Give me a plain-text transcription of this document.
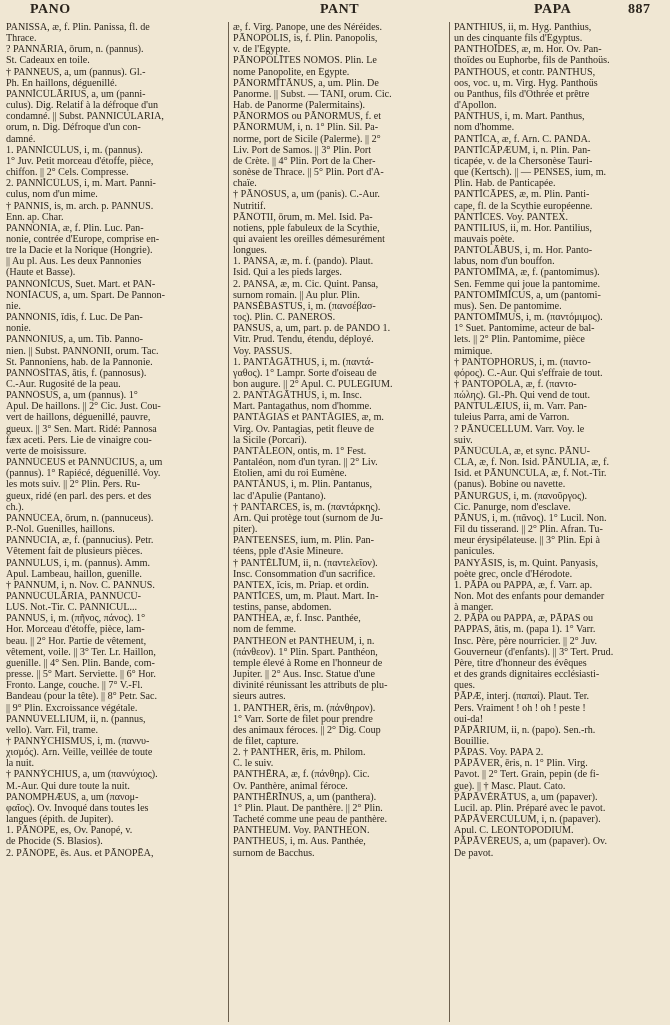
PANO	PANT	PAPA	887
PANISSA, æ, f. Plin. Panissa, fl. de
Thrace.
? PANNĀRIA, ōrum, n. (pannus).
St. Cadeaux en toile.
† PANNEUS, a, um (pannus). Gl.-
Ph. En haillons, déguenillé.
PANNĬCŪLĀRIUS, a, um (panni-
culus). Dig. Relatif à la défroque d'un
condamné. || Subst. PANNICULARIA,
orum, n. Dig. Défroque d'un con-
damné.
1. PANNĬCŪLUS, i, m. (pannus).
1° Juv. Petit morceau d'étoffe, pièce,
chiffon. || 2° Cels. Compresse.
2. PANNĬCŪLUS, i, m. Mart. Panni-
culus, nom d'un mime.
† PANNIS, is, m. arch. p. PANNUS.
Enn. ap. Char.
PANNŎNIA, æ, f. Plin. Luc. Pan-
nonie, contrée d'Europe, comprise en-
tre la Dacie et la Norique (Hongrie).
|| Au pl. Aus. Les deux Pannonies
(Haute et Basse).
PANNŎNĬCUS, Suet. Mart. et PAN-
NŎNĬACUS, a, um. Spart. De Pannon-
nie.
PANNŎNIS, ĭdis, f. Luc. De Pan-
nonie.
PANNŎNIUS, a, um. Tib. Panno-
nien. || Subst. PANNONII, orum. Tac.
St. Pannoniens, hab. de la Pannonie.
PANNŌSĬTAS, ātis, f. (pannosus).
C.-Aur. Rugosité de la peau.
PANNŌSUS, a, um (pannus). 1°
Apul. De haillons. || 2° Cic. Just. Cou-
vert de haillons, déguenillé, pauvre,
gueux. || 3° Sen. Mart. Ridé: Pannosa
fæx aceti. Pers. Lie de vinaigre cou-
verte de moisissure.
PANNŪCEUS et PANNŪCIUS, a, um
(pannus). 1° Rapiécé, déguenillé. Voy.
les mots suiv. || 2° Plin. Pers. Ru-
gueux, ridé (en parl. des pers. et des
ch.).
PANNŪCEA, ōrum, n. (pannuceus).
P.-Nol. Guenilles, haillons.
PANNŪCIA, æ, f. (pannucius). Petr.
Vêtement fait de plusieurs pièces.
PANNŬLUS, i, m. (pannus). Amm.
Apul. Lambeau, haillon, guenille.
† PANNUM, i, n. Nov. C. PANNUS.
PANNŪCŪLĀRIA, PANNŪCŪ-
LUS. Not.-Tir. C. PANNICUL...
PANNUS, i, m. (πῆνος, πάνος). 1°
Hor. Morceau d'étoffe, pièce, lam-
beau. || 2° Hor. Partie de vêtement,
vêtement, voile. || 3° Ter. Lr. Haillon,
guenille. || 4° Sen. Plin. Bande, com-
presse. || 5° Mart. Serviette. || 6° Hor.
Fronto. Lange, couche. || 7° V.-Fl.
Bandeau (pour la tête). || 8° Petr. Sac.
|| 9° Plin. Excroissance végétale.
PANNŪVELLIUM, ii, n. (pannus,
vello). Varr. Fil, trame.
† PANNŸCHISMUS, i, m. (παννυ-
χισμός). Arn. Veille, veillée de toute
la nuit.
† PANNŸCHIUS, a, um (παννύχιος).
M.-Aur. Qui dure toute la nuit.
PANOMPHÆUS, a, um (πανομ-
φαῖος). Ov. Invoqué dans toutes les
langues (épith. de Jupiter).
1. PĀNŌPE, es, Ov. Panopé, v.
de Phocide (S. Blasios).
2. PĀNŌPE, ēs. Aus. et PĀNŎPĒA,
æ, f. Virg. Panope, une des Néréides.
PĀNŎPŎLIS, is, f. Plin. Panopolis,
v. de l'Égypte.
PĀNŎPŎLĪTES NOMOS. Plin. Le
nome Panopolite, en Égypte.
PĀNORMĪTĀNUS, a, um. Plin. De
Panorme. || Subst. — TANI, orum. Cic.
Hab. de Panorme (Palermitains).
PĀNORMOS ou PĀNORMUS, f. et
PĀNORMUM, i, n. 1° Plin. Sil. Pa-
norme, port de Sicile (Palerme). || 2°
Liv. Port de Samos. || 3° Plin. Port
de Crète. || 4° Plin. Port de la Cher-
sonèse de Thrace. || 5° Plin. Port d'A-
chaïe.
† PĀNŌSUS, a, um (panis). C.-Aur.
Nutritif.
PĀNŌTII, ōrum, m. Mel. Isid. Pa-
notiens, pple fabuleux de la Scythie,
qui avaient les oreilles démesurément
longues.
1. PANSA, æ, m. f. (pando). Plaut.
Isid. Qui a les pieds larges.
2. PANSA, æ, m. Cic. Quint. Pansa,
surnom romain. || Au plur. Plin.
PANSĔBASTUS, i, m. (πανσέβασ-
τος). Plin. C. PANEROS.
PANSUS, a, um, part. p. de PANDO 1.
Vitr. Prud. Tendu, étendu, déployé.
Voy. PASSUS.
1. PANTĂGĀTHUS, i, m. (παντά-
γαθος). 1° Lampr. Sorte d'oiseau de
bon augure. || 2° Apul. C. PULEGIUM.
2. PANTĂGĀTHUS, i, m. Insc.
Mart. Pantagathus, nom d'homme.
PANTĂGIAS et PANTĂGIES, æ, m.
Virg. Ov. Pantagias, petit fleuve de
la Sicile (Porcari).
PANTĂLEON, ontis, m. 1° Fest.
Pantaléon, nom d'un tyran. || 2° Liv.
Étolien, ami du roi Eumène.
PANTĂNUS, i, m. Plin. Pantanus,
lac d'Apulie (Pantano).
† PANTARCES, is, m. (παντάρκης).
Arn. Qui protège tout (surnom de Ju-
piter).
PANTEENSES, ium, m. Plin. Pan-
téens, pple d'Asie Mineure.
† PANTĔLĪUM, ii, n. (παντελεῖον).
Insc. Consommation d'un sacrifice.
PANTEX, ĭcis, m. Priap. et ordin.
PANTĬCES, um, m. Plaut. Mart. In-
testins, panse, abdomen.
PANTHEA, æ, f. Insc. Panthée,
nom de femme.
PANTHEON et PANTHEUM, i, n.
(πάνθεον). 1° Plin. Spart. Panthéon,
temple élevé à Rome en l'honneur de
Jupiter. || 2° Aus. Insc. Statue d'une
divinité réunissant les attributs de plu-
sieurs autres.
1. PANTHER, ēris, m. (πάνθηρον).
1° Varr. Sorte de filet pour prendre
des animaux féroces. || 2° Dig. Coup
de filet, capture.
2. † PANTHER, ēris, m. Philom.
C. le suiv.
PANTHĒRA, æ, f. (πάνθηρ). Cic.
Ov. Panthère, animal féroce.
PANTHĒRĪNUS, a, um (panthera).
1° Plin. Plaut. De panthère. || 2° Plin.
Tacheté comme une peau de panthère.
PANTHEUM. Voy. PANTHEON.
PANTHEUS, i, m. Aus. Panthée,
surnom de Bacchus.
PANTHIUS, ii, m. Hyg. Panthius,
un des cinquante fils d'Égyptus.
PANTHOĪDES, æ, m. Hor. Ov. Pan-
thoïdes ou Euphorbe, fils de Panthoüs.
PANTHOUS, et contr. PANTHUS,
oos, voc. u, m. Virg. Hyg. Panthoüs
ou Panthus, fils d'Othrée et prêtre
d'Apollon.
PANTHUS, i, m. Mart. Panthus,
nom d'homme.
PANTĬCA, æ, f. Arn. C. PANDA.
PANTĬCĀPÆUM, i, n. Plin. Pan-
ticapée, v. de la Chersonèse Tauri-
que (Kertsch). || — PENSES, ium, m.
Plin. Hab. de Panticapée.
PANTĬCĀPES, æ, m. Plin. Panti-
cape, fl. de la Scythie européenne.
PANTĬCES. Voy. PANTEX.
PANTILIUS, ii, m. Hor. Pantilius,
mauvais poète.
PANTŎLĀBUS, i, m. Hor. Panto-
labus, nom d'un bouffon.
PANTŎMĪMA, æ, f. (pantomimus).
Sen. Femme qui joue la pantomime.
PANTŎMĪMĬCUS, a, um (pantomi-
mus). Sen. De pantomime.
PANTŎMĪMUS, i, m. (παντόμιμος).
1° Suet. Pantomime, acteur de bal-
lets. || 2° Plin. Pantomime, pièce
mimique.
† PANTŎPHŎRUS, i, m. (παντο-
φόρος). C.-Aur. Qui s'effraie de tout.
† PANTŎPŌLA, æ, f. (παντο-
πώλης). Gl.-Ph. Qui vend de tout.
PANTULÆIUS, ii, m. Varr. Pan-
tuleius Parra, ami de Varron.
? PĀNŪCELLUM. Varr. Voy. le
suiv.
PĀNŪCŬLA, æ, et sync. PĀNU-
CLA, æ, f. Non. Isid. PĀNŬLIA, æ, f.
Isid. et PĀNUNCŬLA, æ, f. Not.-Tir.
(panus). Bobine ou navette.
PĀNURGUS, i, m. (πανοῦργος).
Cic. Panurge, nom d'esclave.
PĀNUS, i, m. (πᾶνος). 1° Lucil. Non.
Fil du tisserand. || 2° Plin. Afran. Tu-
meur érysipélateuse. || 3° Plin. Épi à
panicules.
PANYĀSIS, is, m. Quint. Panyasis,
poète grec, oncle d'Hérodote.
1. PĀPA ou PAPPA, æ, f. Varr. ap.
Non. Mot des enfants pour demander
à manger.
2. PĀPA ou PAPPA, æ, PĀPAS ou
PAPPAS, ātis, m. (papa 1). 1° Varr.
Insc. Père, père nourricier. || 2° Juv.
Gouverneur (d'enfants). || 3° Tert. Prud.
Père, titre d'honneur des évêques
et des grands dignitaires ecclésiasti-
ques.
PĀPÆ, interj. (παπαί). Plaut. Ter.
Pers. Vraiment ! oh ! oh ! peste !
oui-da!
PĀPĀRIUM, ii, n. (papo). Sen.-rh.
Bouillie.
PĀPAS. Voy. PAPA 2.
PĀPĀVER, ēris, n. 1° Plin. Virg.
Pavot. || 2° Tert. Grain, pepin (de fi-
gue). || † Masc. Plaut. Cato.
PĀPĀVĔRĀTUS, a, um (papaver).
Lucil. ap. Plin. Préparé avec le pavot.
PĀPĀVERCŬLUM, i, n. (papaver).
Apul. C. LEONTOPODIUM.
PĀPĀVĔREUS, a, um (papaver). Ov.
De pavot.
